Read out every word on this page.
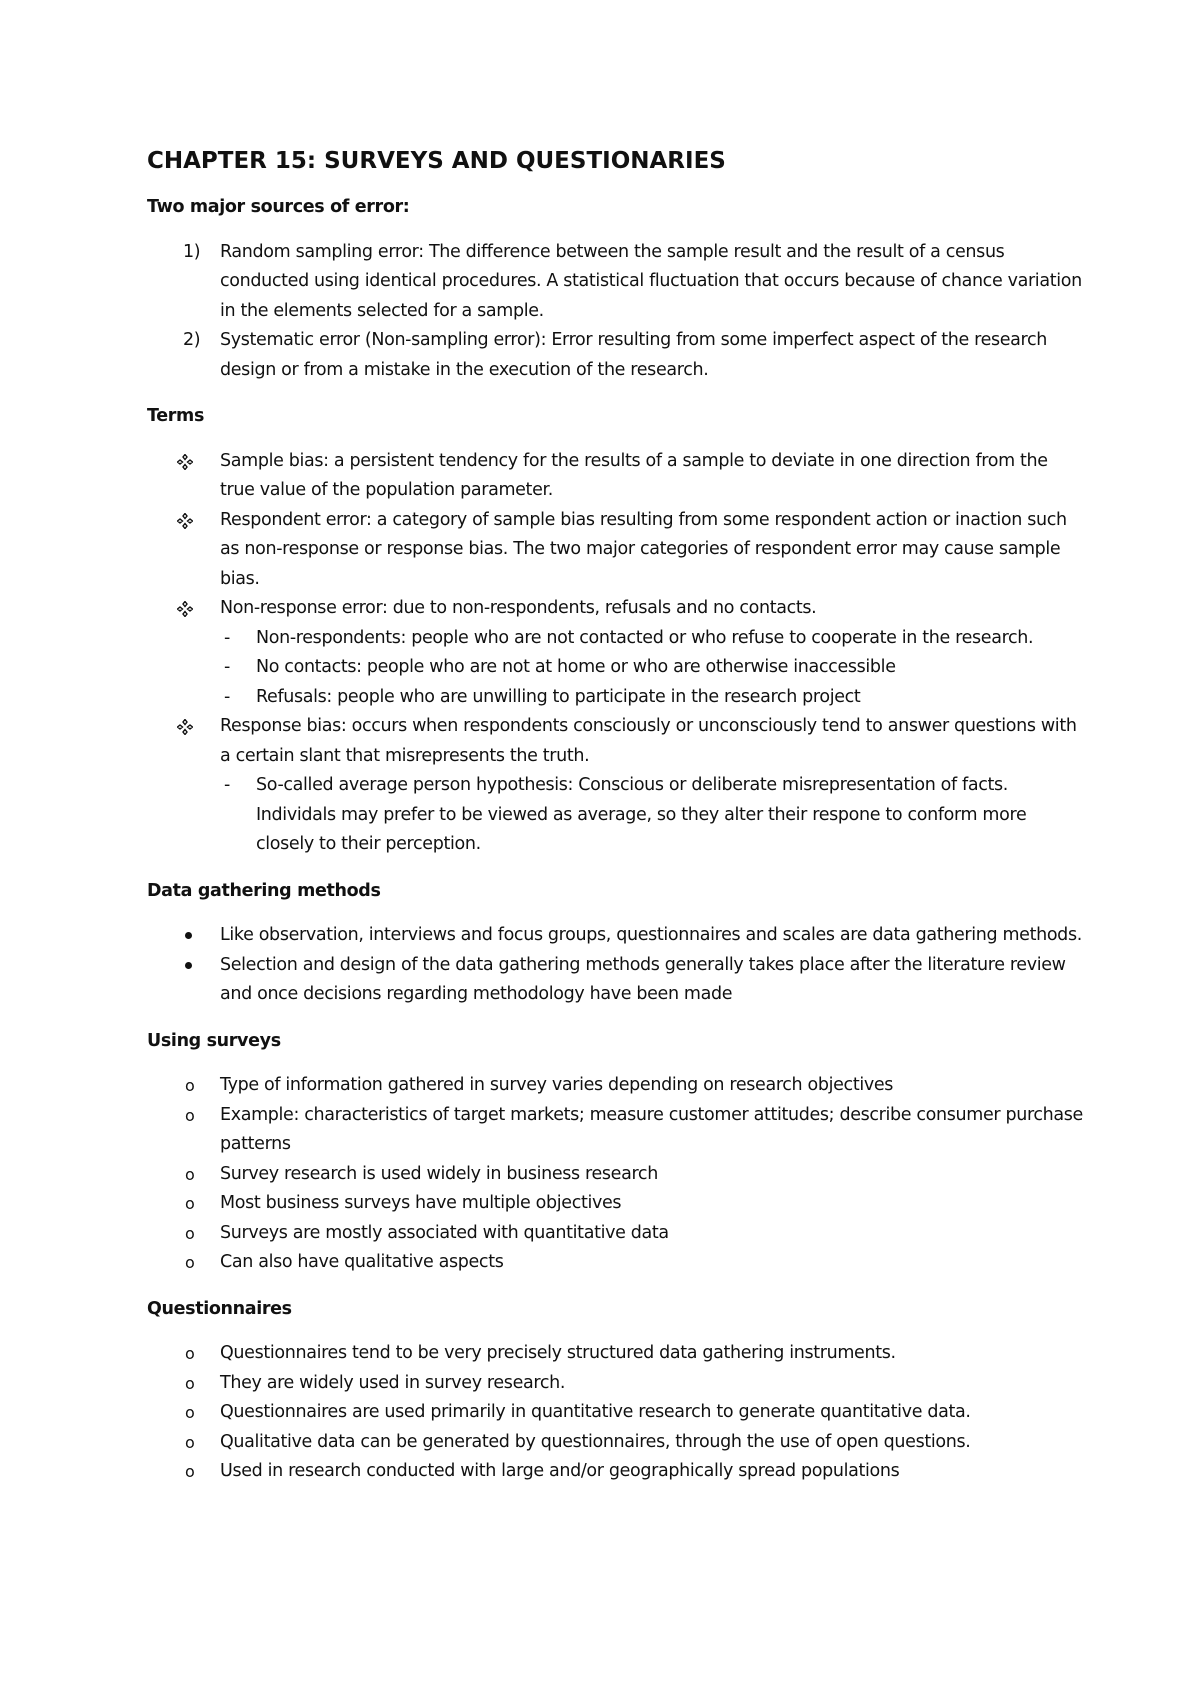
CHAPTER 15: SURVEYS AND QUESTIONARIES
Two major sources of error:
1) Random sampling error: The difference between the sample result and the result of a census conducted using identical procedures. A statistical fluctuation that occurs because of chance variation in the elements selected for a sample.
2) Systematic error (Non-sampling error): Error resulting from some imperfect aspect of the research design or from a mistake in the execution of the research.
Terms
Sample bias: a persistent tendency for the results of a sample to deviate in one direction from the true value of the population parameter.
Respondent error: a category of sample bias resulting from some respondent action or inaction such as non-response or response bias. The two major categories of respondent error may cause sample bias.
Non-response error: due to non-respondents, refusals and no contacts.
- Non-respondents: people who are not contacted or who refuse to cooperate in the research.
- No contacts: people who are not at home or who are otherwise inaccessible
- Refusals: people who are unwilling to participate in the research project
Response bias: occurs when respondents consciously or unconsciously tend to answer questions with a certain slant that misrepresents the truth.
- So-called average person hypothesis: Conscious or deliberate misrepresentation of facts. Individals may prefer to be viewed as average, so they alter their respone to conform more closely to their perception.
Data gathering methods
Like observation, interviews and focus groups, questionnaires and scales are data gathering methods.
Selection and design of the data gathering methods generally takes place after the literature review and once decisions regarding methodology have been made
Using surveys
o Type of information gathered in survey varies depending on research objectives
o Example: characteristics of target markets; measure customer attitudes; describe consumer purchase patterns
o Survey research is used widely in business research
o Most business surveys have multiple objectives
o Surveys are mostly associated with quantitative data
o Can also have qualitative aspects
Questionnaires
o Questionnaires tend to be very precisely structured data gathering instruments.
o They are widely used in survey research.
o Questionnaires are used primarily in quantitative research to generate quantitative data.
o Qualitative data can be generated by questionnaires, through the use of open questions.
o Used in research conducted with large and/or geographically spread populations
